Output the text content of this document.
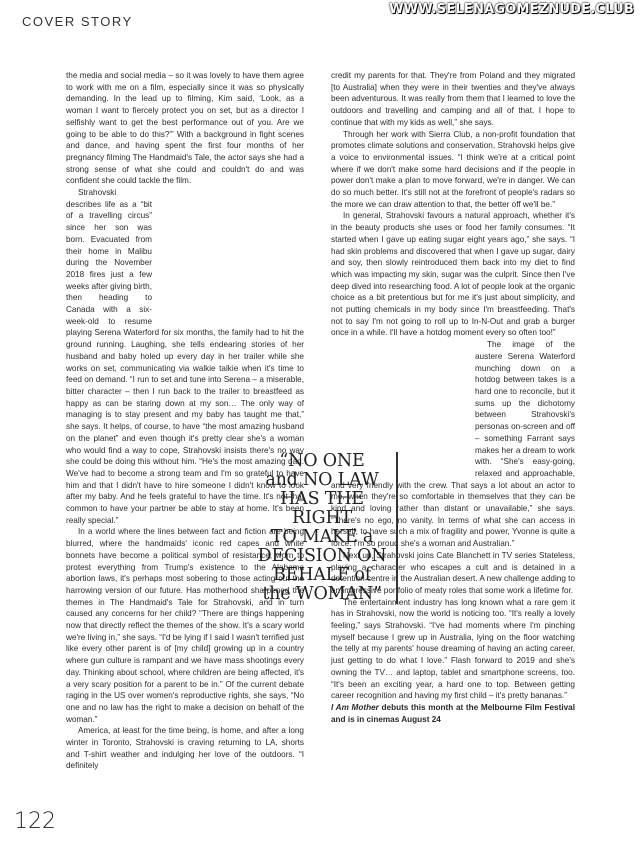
COVER STORY
WWW.SELENAGOMEZNUDE.CLUB

the media and social media – so it was lovely to have them agree to work with me on a film, especially since it was so physically demanding. In the lead up to filming, Kim said, ‘Look, as a woman I want to fiercely protect you on set, but as a director I selfishly want to get the best performance out of you. Are we going to be able to do this?'” With a background in fight scenes and dance, and having spent the first four months of her pregnancy filming The Handmaid's Tale, the actor says she had a strong sense of what she could and couldn't do and was confident she could tackle the film.

Strahovski describes life as a “bit of a travelling circus” since her son was born. Evacuated from their home in Malibu during the November 2018 fires just a few weeks after giving birth, then heading to Canada with a six-week-old to resume playing Serena Waterford for six months, the family had to hit the ground running. Laughing, she tells endearing stories of her husband and baby holed up every day in her trailer while she works on set, communicating via walkie talkie when it's time to feed on demand. “I run to set and tune into Serena – a miserable, bitter character – then I run back to the trailer to breastfeed as happy as can be staring down at my son… The only way of managing is to stay present and my baby has taught me that,” she says. It helps, of course, to have “the most amazing husband on the planet” and even though it's pretty clear she's a woman who would find a way to cope, Strahovski insists there's no way she could be doing this without him. “He's the most amazing dad. We've had to become a strong team and I'm so grateful to have him and that I didn't have to hire someone I didn't know to look after my baby. And he feels grateful to have the time. It's not that common to have your partner be able to stay at home. It's been really special.”

In a world where the lines between fact and fiction are being blurred, where the handmaids' iconic red capes and white bonnets have become a political symbol of resistance, worn to protest everything from Trump's existence to the Alabama abortion laws, it's perhaps most sobering to those acting out the harrowing version of our future. Has motherhood sharpened the themes in The Handmaid's Tale for Strahovski, and in turn caused any concerns for her child? “There are things happening now that directly reflect the themes of the show. It's a scary world we're living in,” she says. “I'd be lying if I said I wasn't terrified just like every other parent is of [my child] growing up in a country where gun culture is rampant and we have mass shootings every day. Thinking about school, where children are being affected, it's a very scary position for a parent to be in.” Of the current debate raging in the US over women's reproductive rights, she says, “No one and no law has the right to make a decision on behalf of the woman.”

America, at least for the time being, is home, and after a long winter in Toronto, Strahovski is craving returning to LA, shorts and T-shirt weather and indulging her love of the outdoors. “I definitely

credit my parents for that. They're from Poland and they migrated [to Australia] when they were in their twenties and they've always been adventurous. It was really from them that I learned to love the outdoors and travelling and camping and all of that. I hope to continue that with my kids as well,” she says.

Through her work with Sierra Club, a non-profit foundation that promotes climate solutions and conservation, Strahovski helps give a voice to environmental issues. “I think we're at a critical point where if we don't make some hard decisions and if the people in power don't make a plan to move forward, we're in danger. We can do so much better. It's still not at the forefront of people's radars so the more we can draw attention to that, the better off we'll be.”

In general, Strahovski favours a natural approach, whether it's in the beauty products she uses or food her family consumes. “It started when I gave up eating sugar eight years ago,” she says. “I had skin problems and discovered that when I gave up sugar, dairy and soy, then slowly reintroduced them back into my diet to find which was impacting my skin, sugar was the culprit. Since then I've deep dived into researching food. A lot of people look at the organic choice as a bit pretentious but for me it's just about simplicity, and not putting chemicals in my body since I'm breastfeeding. That's not to say I'm not going to roll up to In-N-Out and grab a burger once in a while. I'll have a hotdog moment every so often too!”

The image of the austere Serena Waterford munching down on a hotdog between takes is a hard one to reconcile, but it sums up the dichotomy between Strahovski's personas on-screen and off – something Farrant says makes her a dream to work with. “She's easy-going, relaxed and approachable, and very friendly with the crew. That says a lot about an actor to me, when they're so comfortable in themselves that they can be kind and loving rather than distant or unavailable,” she says. “There's no ego, no vanity. In terms of what she can access in herself, to have such a mix of fragility and power, Yvonne is quite a force. I'm so proud she's a woman and Australian.”

Next up, Strahovski joins Cate Blanchett in TV series Stateless, playing a character who escapes a cult and is detained in a detention centre in the Australian desert. A new challenge adding to an impressive portfolio of meaty roles that some work a lifetime for.

The entertainment industry has long known what a rare gem it has in Strahovski, now the world is noticing too. “It's really a lovely feeling,” says Strahovski. “I've had moments where I'm pinching myself because I grew up in Australia, lying on the floor watching the telly at my parents' house dreaming of having an acting career, just getting to do what I love.” Flash forward to 2019 and she's owning the TV… and laptop, tablet and smartphone screens, too. “It's been an exciting year, a hard one to top. Between getting career recognition and having my first child – it's pretty bananas.”

I Am Mother debuts this month at the Melbourne Film Festival and is in cinemas August 24

“NO ONE
and NO LAW
HAS THE RIGHT
TO MAKE a
DECISION ON
BEHALF of
the WOMAN”
122
